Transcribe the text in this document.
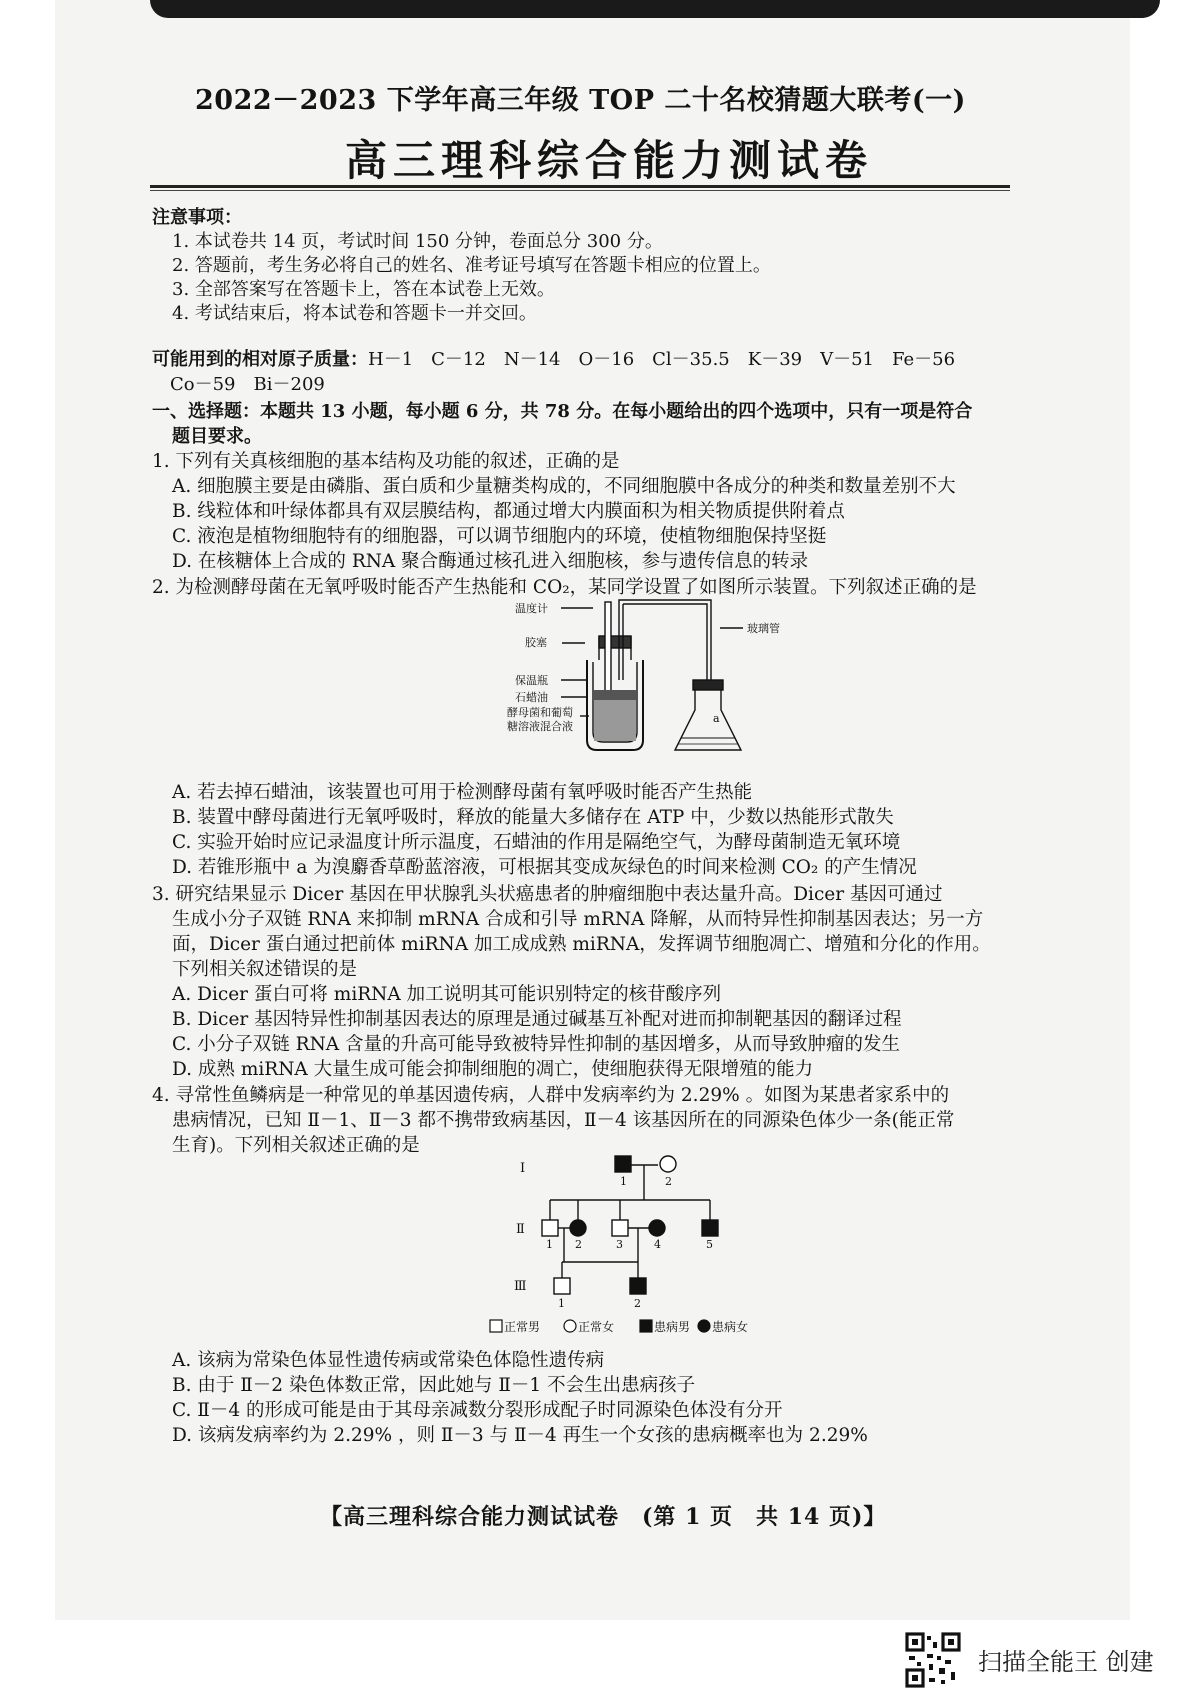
2022－2023 下学年高三年级 TOP 二十名校猜题大联考(一)
高三理科综合能力测试卷
注意事项：
1. 本试卷共 14 页，考试时间 150 分钟，卷面总分 300 分。
2. 答题前，考生务必将自己的姓名、准考证号填写在答题卡相应的位置上。
3. 全部答案写在答题卡上，答在本试卷上无效。
4. 考试结束后，将本试卷和答题卡一并交回。
可能用到的相对原子质量：H－1　C－12　N－14　O－16　Cl－35.5　K－39　V－51　Fe－56
Co－59　Bi－209
一、选择题：本题共 13 小题，每小题 6 分，共 78 分。在每小题给出的四个选项中，只有一项是符合
题目要求。
1. 下列有关真核细胞的基本结构及功能的叙述，正确的是
A. 细胞膜主要是由磷脂、蛋白质和少量糖类构成的，不同细胞膜中各成分的种类和数量差别不大
B. 线粒体和叶绿体都具有双层膜结构，都通过增大内膜面积为相关物质提供附着点
C. 液泡是植物细胞特有的细胞器，可以调节细胞内的环境，使植物细胞保持坚挺
D. 在核糖体上合成的 RNA 聚合酶通过核孔进入细胞核，参与遗传信息的转录
2. 为检测酵母菌在无氧呼吸时能否产生热能和 CO₂，某同学设置了如图所示装置。下列叙述正确的是
温度计
胶塞
保温瓶
石蜡油
酵母菌和葡萄
糖溶液混合液
玻璃管
a
A. 若去掉石蜡油，该装置也可用于检测酵母菌有氧呼吸时能否产生热能
B. 装置中酵母菌进行无氧呼吸时，释放的能量大多储存在 ATP 中，少数以热能形式散失
C. 实验开始时应记录温度计所示温度，石蜡油的作用是隔绝空气，为酵母菌制造无氧环境
D. 若锥形瓶中 a 为溴麝香草酚蓝溶液，可根据其变成灰绿色的时间来检测 CO₂ 的产生情况
3. 研究结果显示 Dicer 基因在甲状腺乳头状癌患者的肿瘤细胞中表达量升高。Dicer 基因可通过
生成小分子双链 RNA 来抑制 mRNA 合成和引导 mRNA 降解，从而特异性抑制基因表达；另一方
面，Dicer 蛋白通过把前体 miRNA 加工成成熟 miRNA，发挥调节细胞凋亡、增殖和分化的作用。
下列相关叙述错误的是
A. Dicer 蛋白可将 miRNA 加工说明其可能识别特定的核苷酸序列
B. Dicer 基因特异性抑制基因表达的原理是通过碱基互补配对进而抑制靶基因的翻译过程
C. 小分子双链 RNA 含量的升高可能导致被特异性抑制的基因增多，从而导致肿瘤的发生
D. 成熟 miRNA 大量生成可能会抑制细胞的凋亡，使细胞获得无限增殖的能力
4. 寻常性鱼鳞病是一种常见的单基因遗传病，人群中发病率约为 2.29% 。如图为某患者家系中的
患病情况，已知 Ⅱ－1、Ⅱ－3 都不携带致病基因，Ⅱ－4 该基因所在的同源染色体少一条(能正常
生育)。下列相关叙述正确的是
Ⅰ
Ⅱ
Ⅲ
1	2
1 2	3	4	5
1	2
正常男	正常女	患病男 患病女
A. 该病为常染色体显性遗传病或常染色体隐性遗传病
B. 由于 Ⅱ－2 染色体数正常，因此她与 Ⅱ－1 不会生出患病孩子
C. Ⅱ－4 的形成可能是由于其母亲减数分裂形成配子时同源染色体没有分开
D. 该病发病率约为 2.29% ，则 Ⅱ－3 与 Ⅱ－4 再生一个女孩的患病概率也为 2.29%
【高三理科综合能力测试试卷　(第 1 页　共 14 页)】
扫描全能王 创建
